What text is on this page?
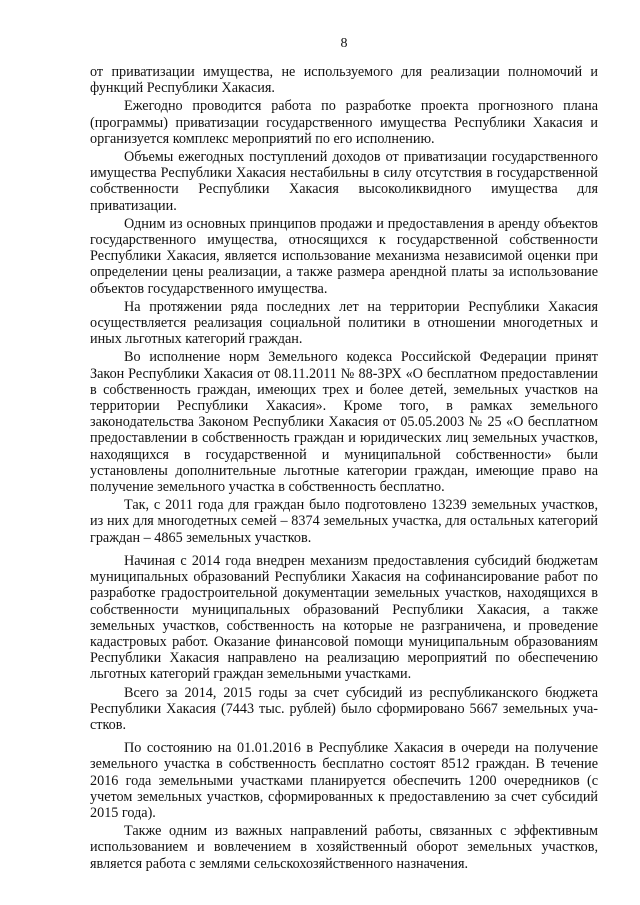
8

от приватизации имущества, не используемого для реализации полномочий и функций Республики Хакасия.

Ежегодно проводится работа по разработке проекта прогнозного плана (программы) приватизации государственного имущества Республики Хакасия и организуется комплекс мероприятий по его исполнению.

Объемы ежегодных поступлений доходов от приватизации государственного имущества Республики Хакасия нестабильны в силу отсутствия в государственной собственности Республики Хакасия высоколиквидного имущества для приватизации.

Одним из основных принципов продажи и предоставления в аренду объектов государственного имущества, относящихся к государственной собственности Республики Хакасия, является использование механизма независимой оценки при определении цены реализации, а также размера арендной платы за использование объектов государственного имущества.

На протяжении ряда последних лет на территории Республики Хакасия осуществляется реализация социальной политики в отношении многодетных и иных льготных категорий граждан.

Во исполнение норм Земельного кодекса Российской Федерации принят Закон Республики Хакасия от 08.11.2011 № 88-ЗРХ «О бесплатном предоставлении в собственность граждан, имеющих трех и более детей, земельных участков на территории Республики Хакасия». Кроме того, в рамках земельного законодательства Законом Республики Хакасия от 05.05.2003 № 25 «О бесплатном предоставлении в собственность граждан и юридических лиц земельных участков, находящихся в государственной и муниципальной собственности» были установлены дополнительные льготные категории граждан, имеющие право на получение земельного участка в собственность бесплатно.

Так, с 2011 года для граждан было подготовлено 13239 земельных участков, из них для многодетных семей – 8374 земельных участка, для остальных категорий граждан – 4865 земельных участков.

Начиная с 2014 года внедрен механизм предоставления субсидий бюджетам муниципальных образований Республики Хакасия на софинансирование работ по разработке градостроительной документации земельных участков, находящихся в собственности муниципальных образований Республики Хакасия, а также земельных участков, собственность на которые не разграничена, и проведение кадастровых работ. Оказание финансовой помощи муниципальным образованиям Республики Хакасия направлено на реализацию мероприятий по обеспечению льготных категорий граждан земельными участками.

Всего за 2014, 2015 годы за счет субсидий из республиканского бюджета Республики Хакасия (7443 тыс. рублей) было сформировано 5667 земельных участков.

По состоянию на 01.01.2016 в Республике Хакасия в очереди на получение земельного участка в собственность бесплатно состоят 8512 граждан. В течение 2016 года земельными участками планируется обеспечить 1200 очередников (с учетом земельных участков, сформированных к предоставлению за счет субсидий 2015 года).

Также одним из важных направлений работы, связанных с эффективным использованием и вовлечением в хозяйственный оборот земельных участков, является работа с землями сельскохозяйственного назначения.
